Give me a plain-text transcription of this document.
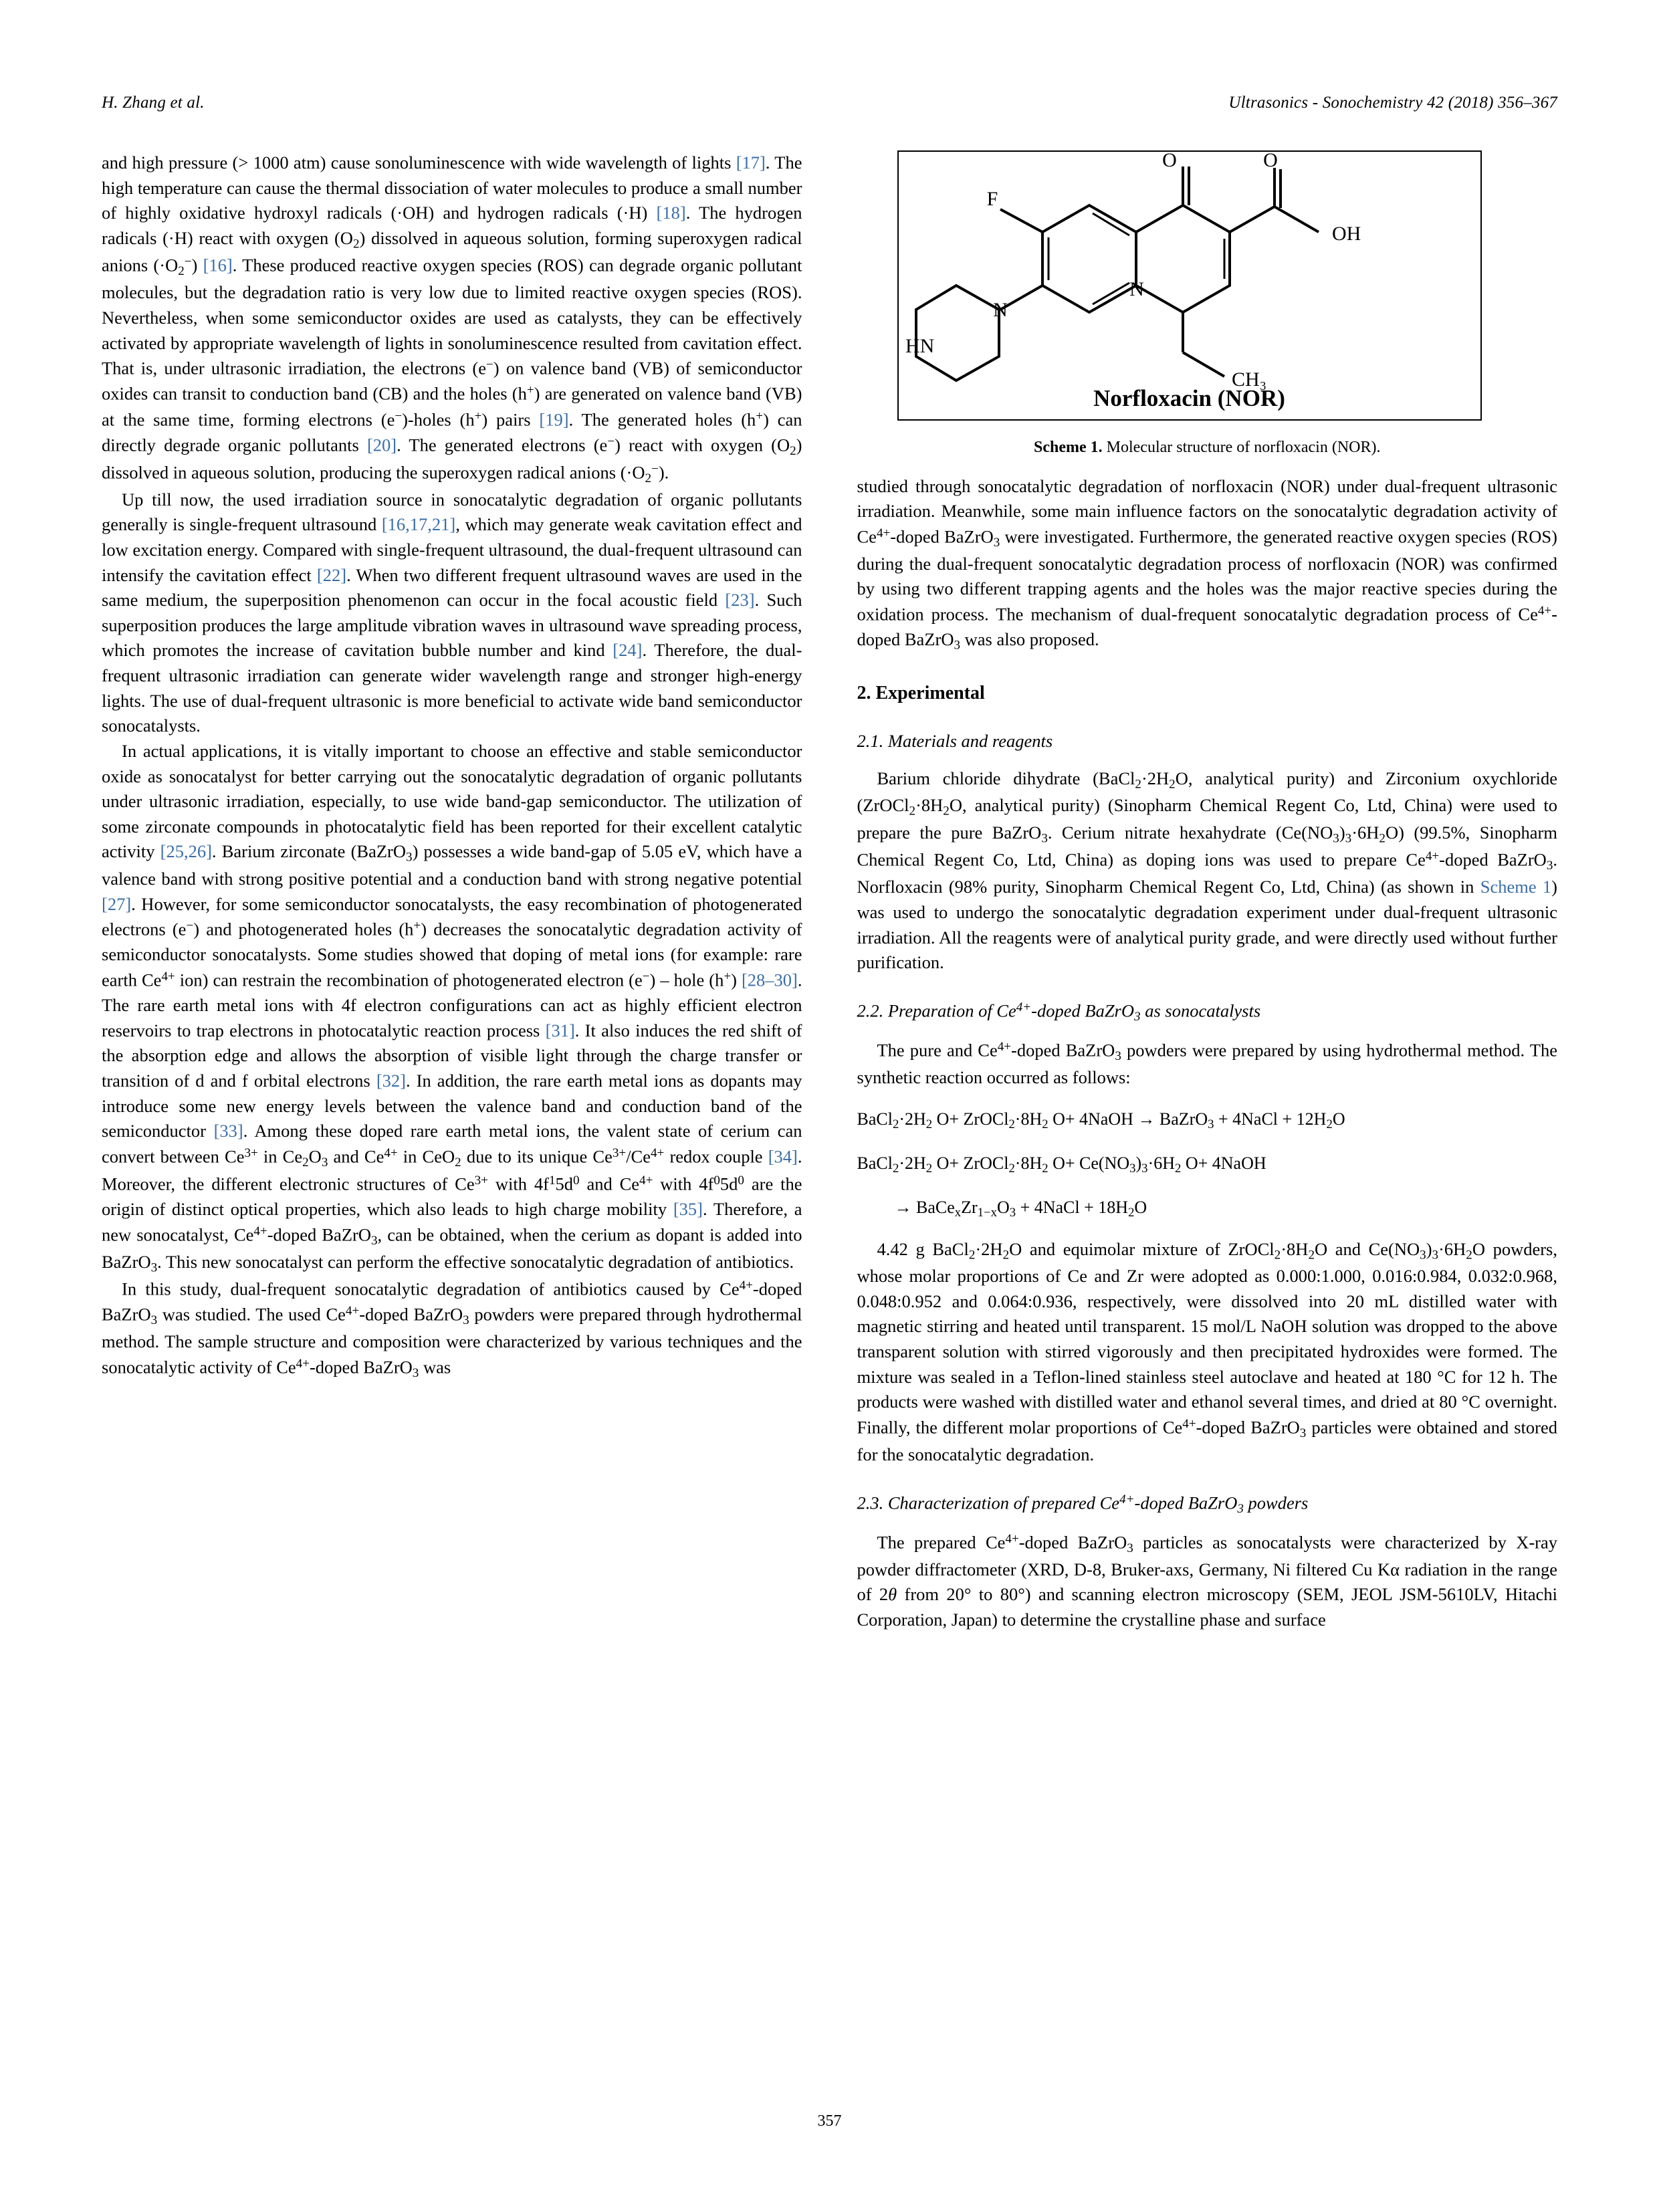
H. Zhang et al.	Ultrasonics - Sonochemistry 42 (2018) 356–367

and high pressure (> 1000 atm) cause sonoluminescence with wide wavelength of lights [17]. The high temperature can cause the thermal dissociation of water molecules to produce a small number of highly oxidative hydroxyl radicals (·OH) and hydrogen radicals (·H) [18]. The hydrogen radicals (·H) react with oxygen $(O_2)$ dissolved in aqueous solution, forming superoxygen radical anions $(\cdot O_2^-)$ [16]. These produced reactive oxygen species (ROS) can degrade organic pollutant molecules, but the degradation ratio is very low due to limited reactive oxygen species (ROS). Nevertheless, when some semiconductor oxides are used as catalysts, they can be effectively activated by appropriate wavelength of lights in sonoluminescence resulted from cavitation effect. That is, under ultrasonic irradiation, the electrons (e−) on valence band (VB) of semiconductor oxides can transit to conduction band (CB) and the holes (h+) are generated on valence band (VB) at the same time, forming electrons (e−)-holes (h+) pairs [19]. The generated holes (h+) can directly degrade organic pollutants [20]. The generated electrons (e−) react with oxygen $(O_2)$ dissolved in aqueous solution, producing the superoxygen radical anions $(\cdot O_2^-)$.

Up till now, the used irradiation source in sonocatalytic degradation of organic pollutants generally is single-frequent ultrasound [16,17,21], which may generate weak cavitation effect and low excitation energy. Compared with single-frequent ultrasound, the dual-frequent ultrasound can intensify the cavitation effect [22]. When two different frequent ultrasound waves are used in the same medium, the superposition phenomenon can occur in the focal acoustic field [23]. Such superposition produces the large amplitude vibration waves in ultrasound wave spreading process, which promotes the increase of cavitation bubble number and kind [24]. Therefore, the dual-frequent ultrasonic irradiation can generate wider wavelength range and stronger high-energy lights. The use of dual-frequent ultrasonic is more beneficial to activate wide band semiconductor sonocatalysts.

In actual applications, it is vitally important to choose an effective and stable semiconductor oxide as sonocatalyst for better carrying out the sonocatalytic degradation of organic pollutants under ultrasonic irradiation, especially, to use wide band-gap semiconductor. The utilization of some zirconate compounds in photocatalytic field has been reported for their excellent catalytic activity [25,26]. Barium zirconate (BaZrO$_3$) possesses a wide band-gap of 5.05 eV, which have a valence band with strong positive potential and a conduction band with strong negative potential [27]. However, for some semiconductor sonocatalysts, the easy recombination of photogenerated electrons (e−) and photogenerated holes (h+) decreases the sonocatalytic degradation activity of semiconductor sonocatalysts. Some studies showed that doping of metal ions (for example: rare earth $Ce^{4+}$ ion) can restrain the recombination of photogenerated electron (e−) – hole (h+) [28–30]. The rare earth metal ions with 4f electron configurations can act as highly efficient electron reservoirs to trap electrons in photocatalytic reaction process [31]. It also induces the red shift of the absorption edge and allows the absorption of visible light through the charge transfer or transition of d and f orbital electrons [32]. In addition, the rare earth metal ions as dopants may introduce some new energy levels between the valence band and conduction band of the semiconductor [33]. Among these doped rare earth metal ions, the valent state of cerium can convert between $Ce^{3+}$ in $Ce_2O_3$ and $Ce^{4+}$ in CeO$_2$ due to its unique $Ce^{3+}/Ce^{4+}$ redox couple [34]. Moreover, the different electronic structures of $Ce^{3+}$ with $4f^15d^0$ and $Ce^{4+}$ with $4f^05d^0$ are the origin of distinct optical properties, which also leads to high charge mobility [35]. Therefore, a new sonocatalyst, $Ce^{4+}$-doped BaZrO$_3$, can be obtained, when the cerium as dopant is added into BaZrO$_3$. This new sonocatalyst can perform the effective sonocatalytic degradation of antibiotics.

In this study, dual-frequent sonocatalytic degradation of antibiotics caused by $Ce^{4+}$-doped BaZrO$_3$ was studied. The used $Ce^{4+}$-doped BaZrO$_3$ powders were prepared through hydrothermal method. The sample structure and composition were characterized by various techniques and the sonocatalytic activity of $Ce^{4+}$-doped BaZrO$_3$ was

O	O
OH
F
N
N
HN
CH₃
Norfloxacin (NOR)
Scheme 1. Molecular structure of norfloxacin (NOR).

studied through sonocatalytic degradation of norfloxacin (NOR) under dual-frequent ultrasonic irradiation. Meanwhile, some main influence factors on the sonocatalytic degradation activity of $Ce^{4+}$-doped BaZrO$_3$ were investigated. Furthermore, the generated reactive oxygen species (ROS) during the dual-frequent sonocatalytic degradation process of norfloxacin (NOR) was confirmed by using two different trapping agents and the holes was the major reactive species during the oxidation process. The mechanism of dual-frequent sonocatalytic degradation process of $Ce^{4+}$-doped BaZrO$_3$ was also proposed.

2. Experimental
2.1. Materials and reagents

Barium chloride dihydrate ($BaCl_2\cdot 2H_2O$, analytical purity) and Zirconium oxychloride ($ZrOCl_2\cdot 8H_2O$, analytical purity) (Sinopharm Chemical Regent Co, Ltd, China) were used to prepare the pure BaZrO$_3$. Cerium nitrate hexahydrate $(Ce(NO_3)_3\cdot 6H_2O)$ (99.5%, Sinopharm Chemical Regent Co, Ltd, China) as doping ions was used to prepare $Ce^{4+}$-doped BaZrO$_3$. Norfloxacin (98% purity, Sinopharm Chemical Regent Co, Ltd, China) (as shown in Scheme 1) was used to undergo the sonocatalytic degradation experiment under dual-frequent ultrasonic irradiation. All the reagents were of analytical purity grade, and were directly used without further purification.

2.2. Preparation of $Ce^{4+}$-doped BaZrO$_3$ as sonocatalysts

The pure and $Ce^{4+}$-doped BaZrO$_3$ powders were prepared by using hydrothermal method. The synthetic reaction occurred as follows:

$BaCl_2\cdot 2H_2$ $O+ ZrOCl_2\cdot 8H_2$ O+ 4NaOH → BaZrO$_3$ + 4NaCl + $12H_2O$
$BaCl_2\cdot 2H_2$ $O+ ZrOCl_2\cdot 8H_2$ $O+ Ce(NO_3)_3\cdot 6H_2$ O+ 4NaOH
→ $BaCe_xZr_{1-x}O_3$ + 4NaCl + $18H_2O$

4.42 g $BaCl_2\cdot 2H_2O$ and equimolar mixture of $ZrOCl_2\cdot 8H_2O$ and $Ce(NO_3)_3\cdot 6H_2O$ powders, whose molar proportions of Ce and Zr were adopted as 0.000:1.000, 0.016:0.984, 0.032:0.968, 0.048:0.952 and 0.064:0.936, respectively, were dissolved into 20 mL distilled water with magnetic stirring and heated until transparent. 15 mol/L NaOH solution was dropped to the above transparent solution with stirred vigorously and then precipitated hydroxides were formed. The mixture was sealed in a Teflon-lined stainless steel autoclave and heated at 180 °C for 12 h. The products were washed with distilled water and ethanol several times, and dried at 80 °C overnight. Finally, the different molar proportions of $Ce^{4+}$-doped BaZrO$_3$ particles were obtained and stored for the sonocatalytic degradation.

2.3. Characterization of prepared $Ce^{4+}$-doped BaZrO$_3$ powders

The prepared $Ce^{4+}$-doped BaZrO$_3$ particles as sonocatalysts were characterized by X-ray powder diffractometer (XRD, D-8, Bruker-axs, Germany, Ni filtered Cu Kα radiation in the range of 2θ from 20° to 80°) and scanning electron microscopy (SEM, JEOL JSM-5610LV, Hitachi Corporation, Japan) to determine the crystalline phase and surface

357
